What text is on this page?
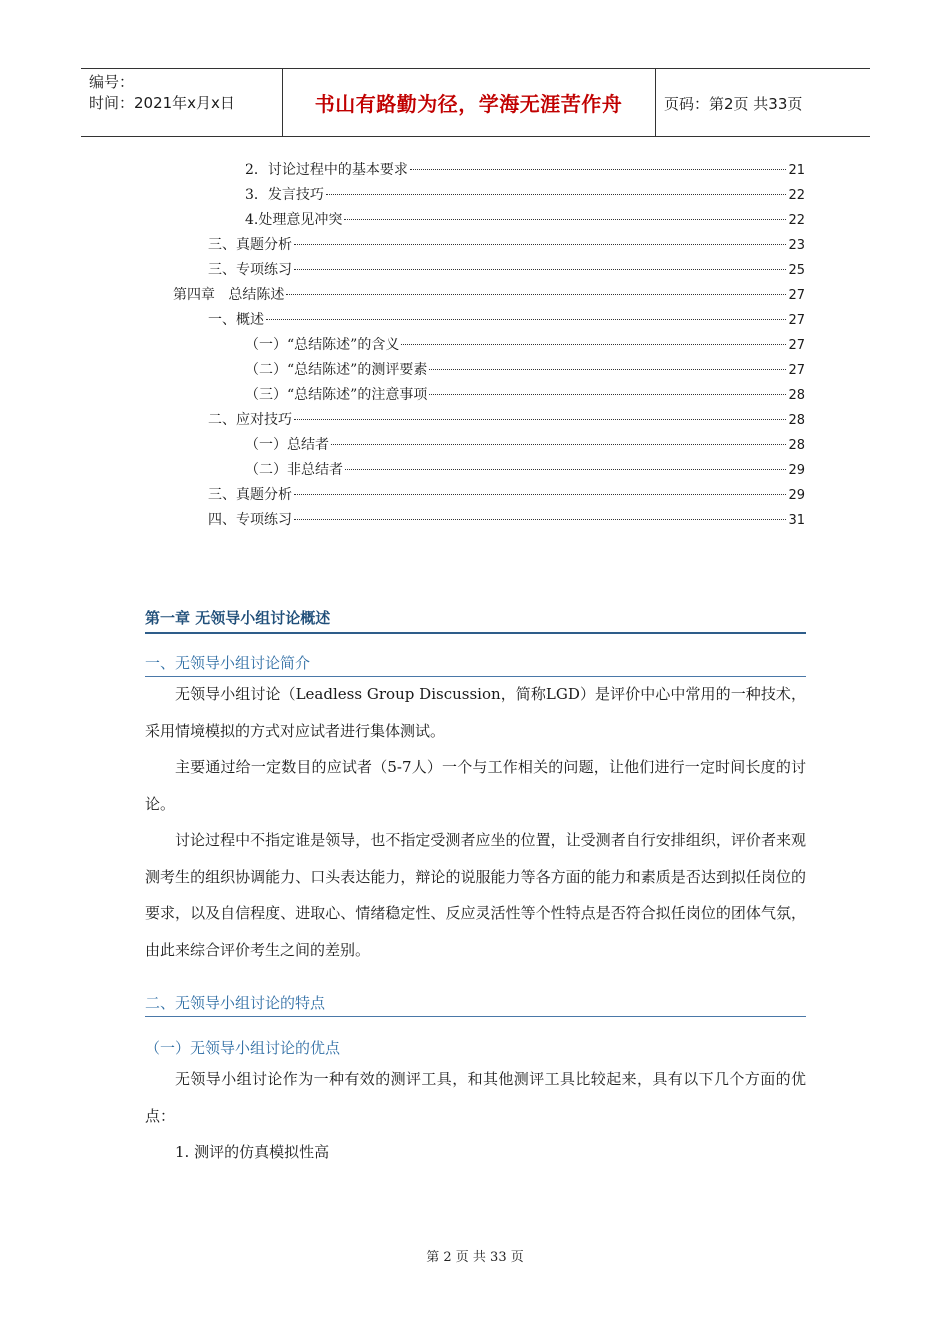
编号：
时间：2021年x月x日	书山有路勤为径，学海无涯苦作舟	页码：第2页 共33页
2．讨论过程中的基本要求	21
3．发言技巧	22
4.处理意见冲突	22
三、真题分析	23
三、专项练习	25
第四章   总结陈述	27
一、概述	27
（一）“总结陈述”的含义	27
（二）“总结陈述”的测评要素	27
（三）“总结陈述”的注意事项	28
二、应对技巧	28
（一）总结者	28
（二）非总结者	29
三、真题分析	29
四、专项练习	31
第一章 无领导小组讨论概述
一、无领导小组讨论简介
无领导小组讨论（Leadless Group Discussion，简称LGD）是评价中心中常用的一种技术，采用情境模拟的方式对应试者进行集体测试。
主要通过给一定数目的应试者（5-7人）一个与工作相关的问题，让他们进行一定时间长度的讨论。
讨论过程中不指定谁是领导，也不指定受测者应坐的位置，让受测者自行安排组织，评价者来观测考生的组织协调能力、口头表达能力，辩论的说服能力等各方面的能力和素质是否达到拟任岗位的要求，以及自信程度、进取心、情绪稳定性、反应灵活性等个性特点是否符合拟任岗位的团体气氛，由此来综合评价考生之间的差别。
二、无领导小组讨论的特点
（一）无领导小组讨论的优点
无领导小组讨论作为一种有效的测评工具，和其他测评工具比较起来，具有以下几个方面的优点：
1. 测评的仿真模拟性高
第 2 页 共 33 页
